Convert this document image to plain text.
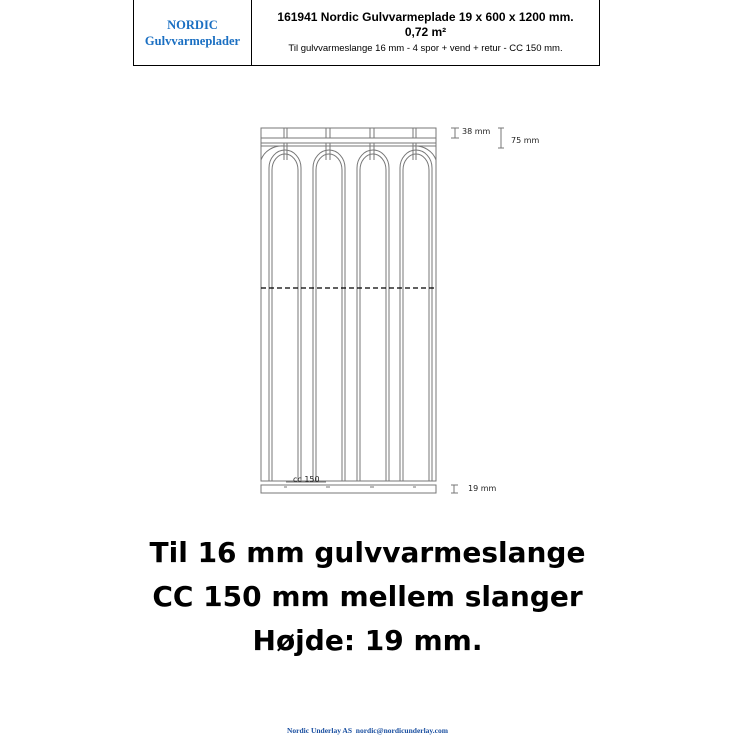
NORDIC
Gulvvarmeplader
161941 Nordic Gulvvarmeplade 19 x 600 x 1200 mm.
0,72 m²
Til gulvvarmeslange 16 mm - 4 spor + vend + retur - CC 150 mm.
38 mm
75 mm
cc 150
19 mm
Til 16 mm gulvvarmeslange
CC 150 mm mellem slanger
Højde: 19 mm.
Nordic Underlay AS nordic@nordicunderlay.com
